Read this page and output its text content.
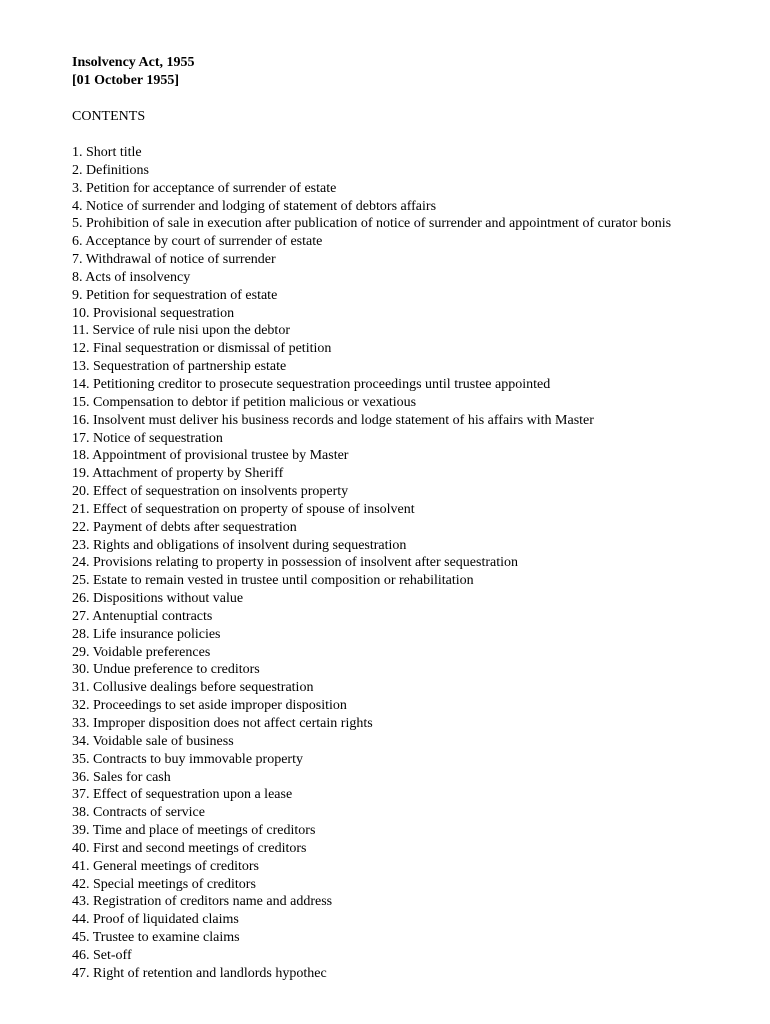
Insolvency Act, 1955

[01 October 1955]

CONTENTS

1. Short title
2. Definitions
3. Petition for acceptance of surrender of estate
4. Notice of surrender and lodging of statement of debtors affairs
5. Prohibition of sale in execution after publication of notice of surrender and appointment of curator bonis
6. Acceptance by court of surrender of estate
7. Withdrawal of notice of surrender
8. Acts of insolvency
9. Petition for sequestration of estate
10. Provisional sequestration
11. Service of rule nisi upon the debtor
12. Final sequestration or dismissal of petition
13. Sequestration of partnership estate
14. Petitioning creditor to prosecute sequestration proceedings until trustee appointed
15. Compensation to debtor if petition malicious or vexatious
16. Insolvent must deliver his business records and lodge statement of his affairs with Master
17. Notice of sequestration
18. Appointment of provisional trustee by Master
19. Attachment of property by Sheriff
20. Effect of sequestration on insolvents property
21. Effect of sequestration on property of spouse of insolvent
22. Payment of debts after sequestration
23. Rights and obligations of insolvent during sequestration
24. Provisions relating to property in possession of insolvent after sequestration
25. Estate to remain vested in trustee until composition or rehabilitation
26. Dispositions without value
27. Antenuptial contracts
28. Life insurance policies
29. Voidable preferences
30. Undue preference to creditors
31. Collusive dealings before sequestration
32. Proceedings to set aside improper disposition
33. Improper disposition does not affect certain rights
34. Voidable sale of business
35. Contracts to buy immovable property
36. Sales for cash
37. Effect of sequestration upon a lease
38. Contracts of service
39. Time and place of meetings of creditors
40. First and second meetings of creditors
41. General meetings of creditors
42. Special meetings of creditors
43. Registration of creditors name and address
44. Proof of liquidated claims
45. Trustee to examine claims
46. Set-off
47. Right of retention and landlords hypothec
